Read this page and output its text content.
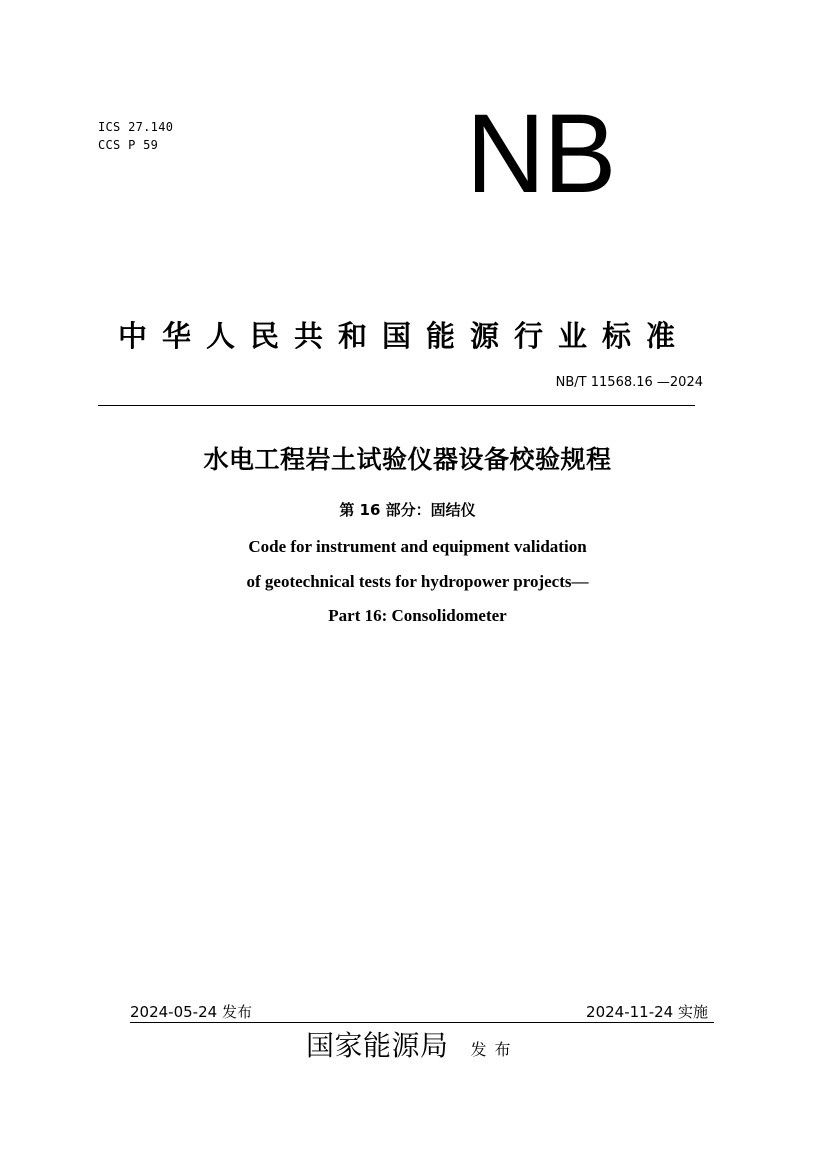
ICS 27.140
CCS P 59	NB
中华人民共和国能源行业标准
NB/T 11568.16 —2024
水电工程岩土试验仪器设备校验规程
第 16 部分：固结仪
Code for instrument and equipment validation
of geotechnical tests for hydropower projects—
Part 16: Consolidometer
2024-05-24 发布	2024-11-24 实施
国家能源局 发布
